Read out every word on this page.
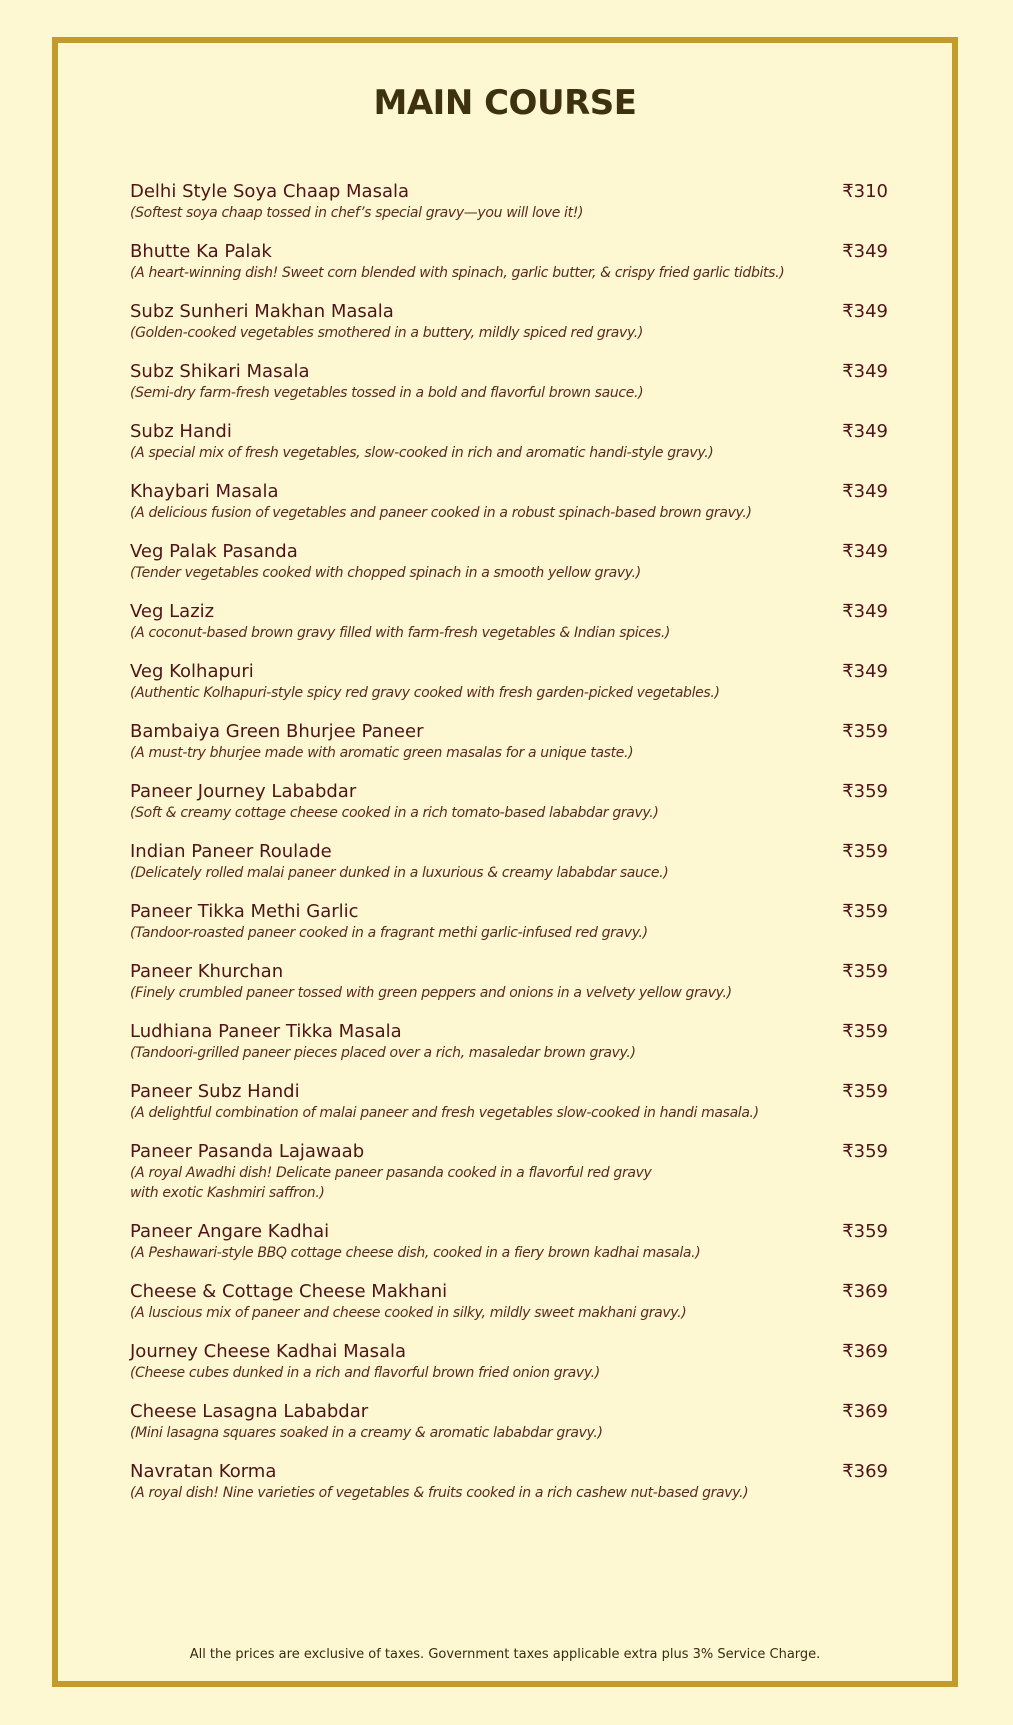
MAIN COURSE
Delhi Style Soya Chaap Masala
(Softest soya chaap tossed in chef’s special gravy—you will love it!)
₹310
Bhutte Ka Palak
(A heart-winning dish! Sweet corn blended with spinach, garlic butter, & crispy fried garlic tidbits.)
₹349
Subz Sunheri Makhan Masala
(Golden-cooked vegetables smothered in a buttery, mildly spiced red gravy.)
₹349
Subz Shikari Masala
(Semi-dry farm-fresh vegetables tossed in a bold and flavorful brown sauce.)
₹349
Subz Handi
(A special mix of fresh vegetables, slow-cooked in rich and aromatic handi-style gravy.)
₹349
Khaybari Masala
(A delicious fusion of vegetables and paneer cooked in a robust spinach-based brown gravy.)
₹349
Veg Palak Pasanda
(Tender vegetables cooked with chopped spinach in a smooth yellow gravy.)
₹349
Veg Laziz
(A coconut-based brown gravy filled with farm-fresh vegetables & Indian spices.)
₹349
Veg Kolhapuri
(Authentic Kolhapuri-style spicy red gravy cooked with fresh garden-picked vegetables.)
₹349
Bambaiya Green Bhurjee Paneer
(A must-try bhurjee made with aromatic green masalas for a unique taste.)
₹359
Paneer Journey Lababdar
(Soft & creamy cottage cheese cooked in a rich tomato-based lababdar gravy.)
₹359
Indian Paneer Roulade
(Delicately rolled malai paneer dunked in a luxurious & creamy lababdar sauce.)
₹359
Paneer Tikka Methi Garlic
(Tandoor-roasted paneer cooked in a fragrant methi garlic-infused red gravy.)
₹359
Paneer Khurchan
(Finely crumbled paneer tossed with green peppers and onions in a velvety yellow gravy.)
₹359
Ludhiana Paneer Tikka Masala
(Tandoori-grilled paneer pieces placed over a rich, masaledar brown gravy.)
₹359
Paneer Subz Handi
(A delightful combination of malai paneer and fresh vegetables slow-cooked in handi masala.)
₹359
Paneer Pasanda Lajawaab
(A royal Awadhi dish! Delicate paneer pasanda cooked in a flavorful red gravy
with exotic Kashmiri saffron.)
₹359
Paneer Angare Kadhai
(A Peshawari-style BBQ cottage cheese dish, cooked in a fiery brown kadhai masala.)
₹359
Cheese & Cottage Cheese Makhani
(A luscious mix of paneer and cheese cooked in silky, mildly sweet makhani gravy.)
₹369
Journey Cheese Kadhai Masala
(Cheese cubes dunked in a rich and flavorful brown fried onion gravy.)
₹369
Cheese Lasagna Lababdar
(Mini lasagna squares soaked in a creamy & aromatic lababdar gravy.)
₹369
Navratan Korma
(A royal dish! Nine varieties of vegetables & fruits cooked in a rich cashew nut-based gravy.)
₹369

All the prices are exclusive of taxes. Government taxes applicable extra plus 3% Service Charge.
